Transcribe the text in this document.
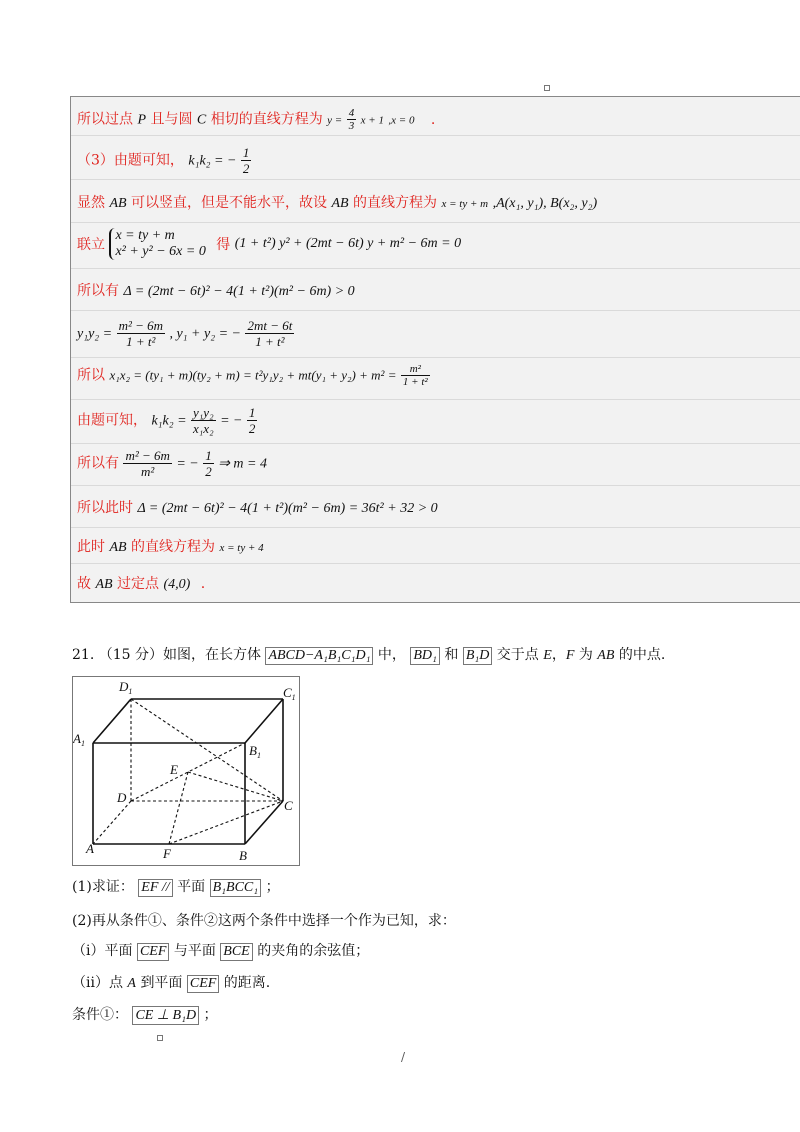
所以过点 P 且与圆 C 相切的直线方程为 $y = \frac{4}{3}$ x + 1 ,x = 0 .
（3）由题可知， k₁k₂ = − $\frac{1}{2}$
显然 AB 可以竖直，但是不能水平，故设 AB 的直线方程为 x = ty + m ,A(x₁, y₁), B(x₂, y₂)
联立
x = ty + m
x² + y² − 6x = 0 得 (1 + t²) y² + (2mt − 6t) y + m² − 6m = 0
所以有 Δ = (2mt − 6t)² − 4(1 + t²)(m² − 6m) > 0
$y_1y_2 = \frac{\text{m² − 6m}}{\text{1 + t²}}$ , y₁ + y₂ = − $\frac{2mt - 6t}{\text{1 + t²}}$
所以 $x_1x_2 = (ty_1 + m)(ty_2 + m) = t^2y_1y_2 + mt(y_1 + y_2) + m^2 = \frac{\text{m²}}{\text{1 + t²}}$
由题可知， $k_1k_2 = \frac{\text{y₁y₂}}{\text{x₁x₂}}$ = − $\frac{1}{2}$
所以有 $\frac{\text{m² − 6m}}{\text{m²}}$ = − $\frac{1}{2}$ ⇒ m = 4
所以此时 Δ = (2mt − 6t)² − 4(1 + t²)(m² − 6m) = 36t² + 32 > 0
此时 AB 的直线方程为 x = ty + 4
故 AB 过定点 (4,0) .
21. （15 分）如图，在长方体 ABCD−A₁B₁C₁D₁ 中， BD₁ 和 B₁D 交于点 E，F 为 AB 的中点.
$D_1$	$C_1$
$A_1$	$B_1$
E
D
C
A	F	B
(1)求证： EF // 平面 B₁BCC₁ ；
(2)再从条件①、条件②这两个条件中选择一个作为已知，求：
（i）平面 CEF 与平面 BCE 的夹角的余弦值；
（ii）点 A 到平面 CEF 的距离.
条件①： CE ⊥ B₁D ；
/
